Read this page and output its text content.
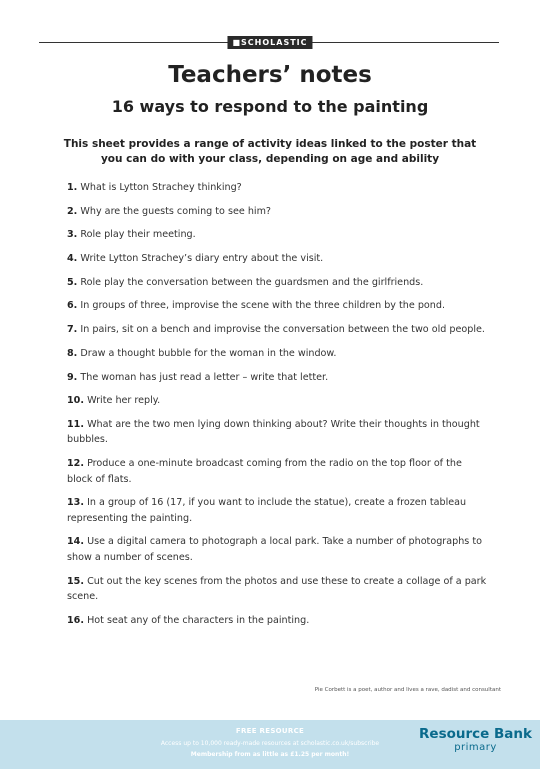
■SCHOLASTIC
Teachers’ notes
16 ways to respond to the painting
This sheet provides a range of activity ideas linked to the poster that you can do with your class, depending on age and ability
1. What is Lytton Strachey thinking?
2. Why are the guests coming to see him?
3. Role play their meeting.
4. Write Lytton Strachey’s diary entry about the visit.
5. Role play the conversation between the guardsmen and the girlfriends.
6. In groups of three, improvise the scene with the three children by the pond.
7. In pairs, sit on a bench and improvise the conversation between the two old people.
8. Draw a thought bubble for the woman in the window.
9. The woman has just read a letter – write that letter.
10. Write her reply.
11. What are the two men lying down thinking about? Write their thoughts in thought bubbles.
12. Produce a one-minute broadcast coming from the radio on the top floor of the block of flats.
13. In a group of 16 (17, if you want to include the statue), create a frozen tableau representing the painting.
14. Use a digital camera to photograph a local park. Take a number of photographs to show a number of scenes.
15. Cut out the key scenes from the photos and use these to create a collage of a park scene.
16. Hot seat any of the characters in the painting.
Pie Corbett is a poet, author and lives a rave, dadist and consultant
FREE RESOURCE
Access up to 10,000 ready-made resources at scholastic.co.uk/subscribe
Membership from as little as £1.25 per month!
Resource Bank
primary
